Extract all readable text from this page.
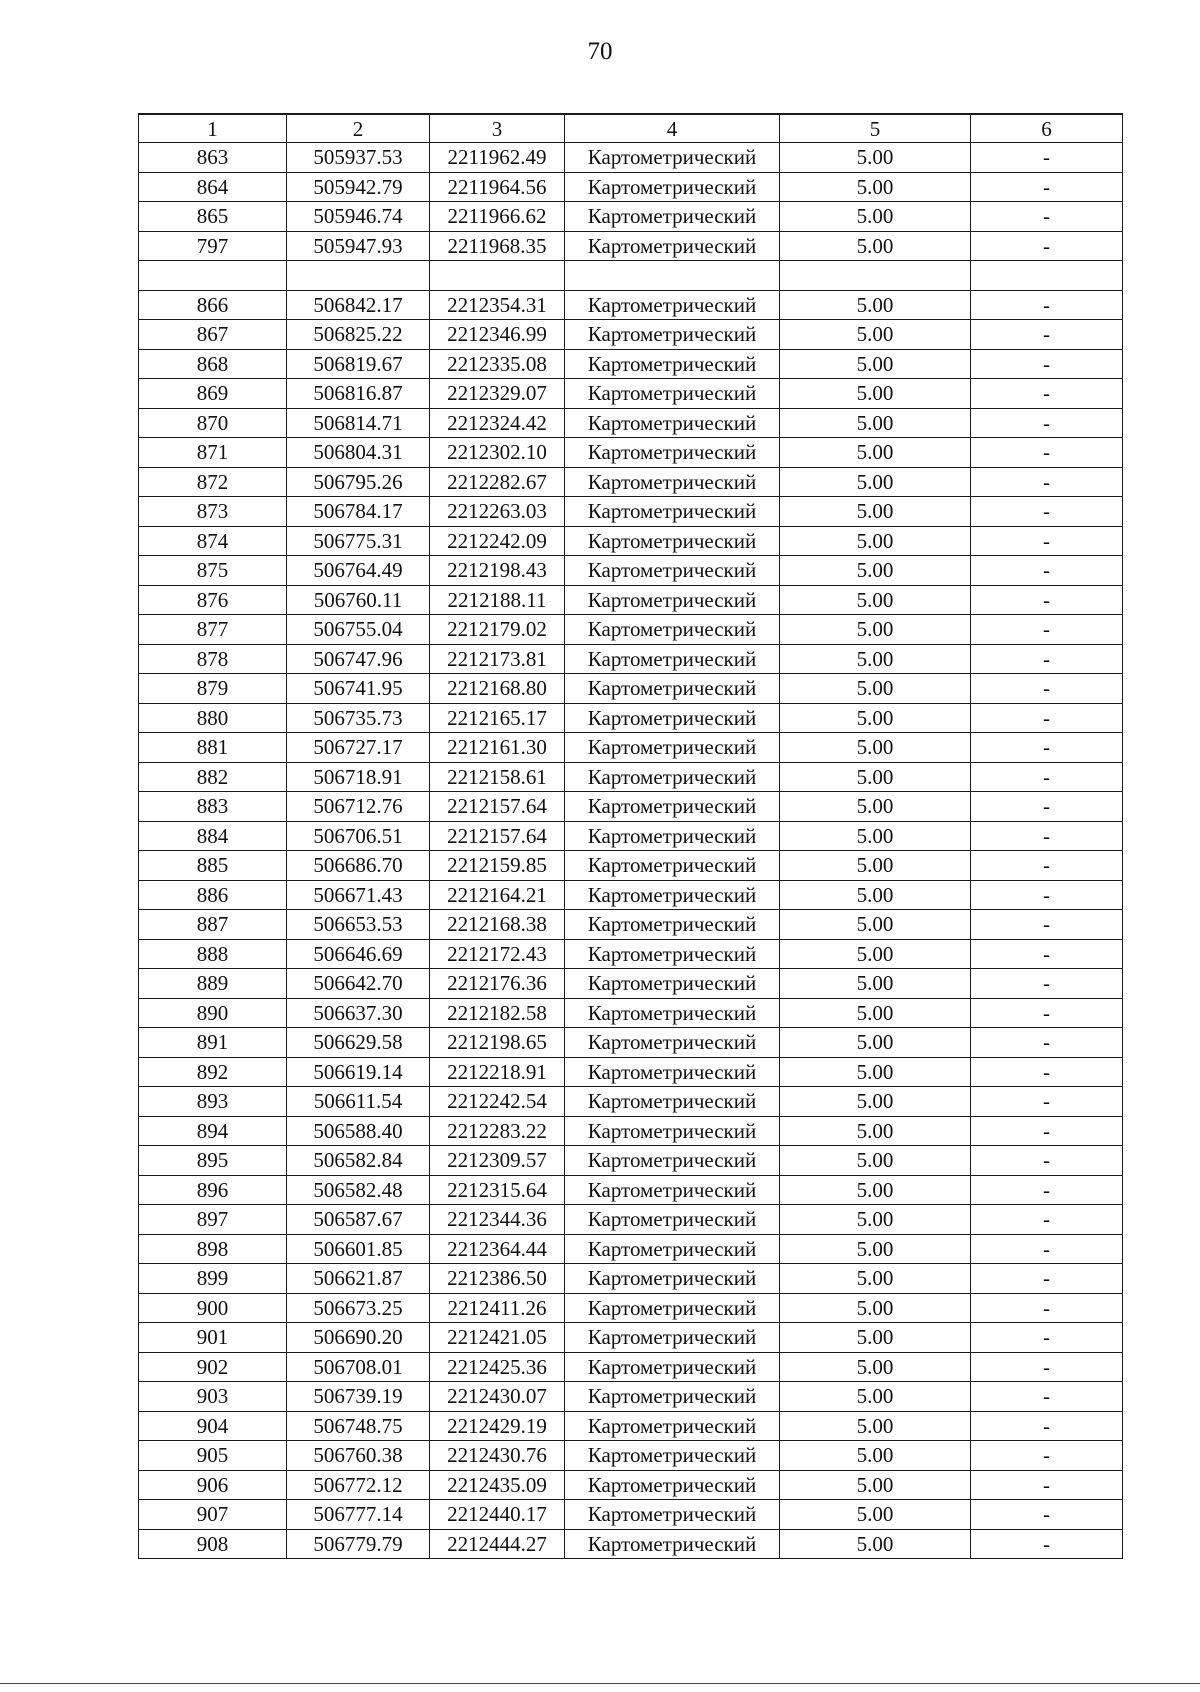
70
1	2	3	4	5	6
863	505937.53	2211962.49	Картометрический	5.00	-
864	505942.79	2211964.56	Картометрический	5.00	-
865	505946.74	2211966.62	Картометрический	5.00	-
797	505947.93	2211968.35	Картометрический	5.00	-

866	506842.17	2212354.31	Картометрический	5.00	-
867	506825.22	2212346.99	Картометрический	5.00	-
868	506819.67	2212335.08	Картометрический	5.00	-
869	506816.87	2212329.07	Картометрический	5.00	-
870	506814.71	2212324.42	Картометрический	5.00	-
871	506804.31	2212302.10	Картометрический	5.00	-
872	506795.26	2212282.67	Картометрический	5.00	-
873	506784.17	2212263.03	Картометрический	5.00	-
874	506775.31	2212242.09	Картометрический	5.00	-
875	506764.49	2212198.43	Картометрический	5.00	-
876	506760.11	2212188.11	Картометрический	5.00	-
877	506755.04	2212179.02	Картометрический	5.00	-
878	506747.96	2212173.81	Картометрический	5.00	-
879	506741.95	2212168.80	Картометрический	5.00	-
880	506735.73	2212165.17	Картометрический	5.00	-
881	506727.17	2212161.30	Картометрический	5.00	-
882	506718.91	2212158.61	Картометрический	5.00	-
883	506712.76	2212157.64	Картометрический	5.00	-
884	506706.51	2212157.64	Картометрический	5.00	-
885	506686.70	2212159.85	Картометрический	5.00	-
886	506671.43	2212164.21	Картометрический	5.00	-
887	506653.53	2212168.38	Картометрический	5.00	-
888	506646.69	2212172.43	Картометрический	5.00	-
889	506642.70	2212176.36	Картометрический	5.00	-
890	506637.30	2212182.58	Картометрический	5.00	-
891	506629.58	2212198.65	Картометрический	5.00	-
892	506619.14	2212218.91	Картометрический	5.00	-
893	506611.54	2212242.54	Картометрический	5.00	-
894	506588.40	2212283.22	Картометрический	5.00	-
895	506582.84	2212309.57	Картометрический	5.00	-
896	506582.48	2212315.64	Картометрический	5.00	-
897	506587.67	2212344.36	Картометрический	5.00	-
898	506601.85	2212364.44	Картометрический	5.00	-
899	506621.87	2212386.50	Картометрический	5.00	-
900	506673.25	2212411.26	Картометрический	5.00	-
901	506690.20	2212421.05	Картометрический	5.00	-
902	506708.01	2212425.36	Картометрический	5.00	-
903	506739.19	2212430.07	Картометрический	5.00	-
904	506748.75	2212429.19	Картометрический	5.00	-
905	506760.38	2212430.76	Картометрический	5.00	-
906	506772.12	2212435.09	Картометрический	5.00	-
907	506777.14	2212440.17	Картометрический	5.00	-
908	506779.79	2212444.27	Картометрический	5.00	-
